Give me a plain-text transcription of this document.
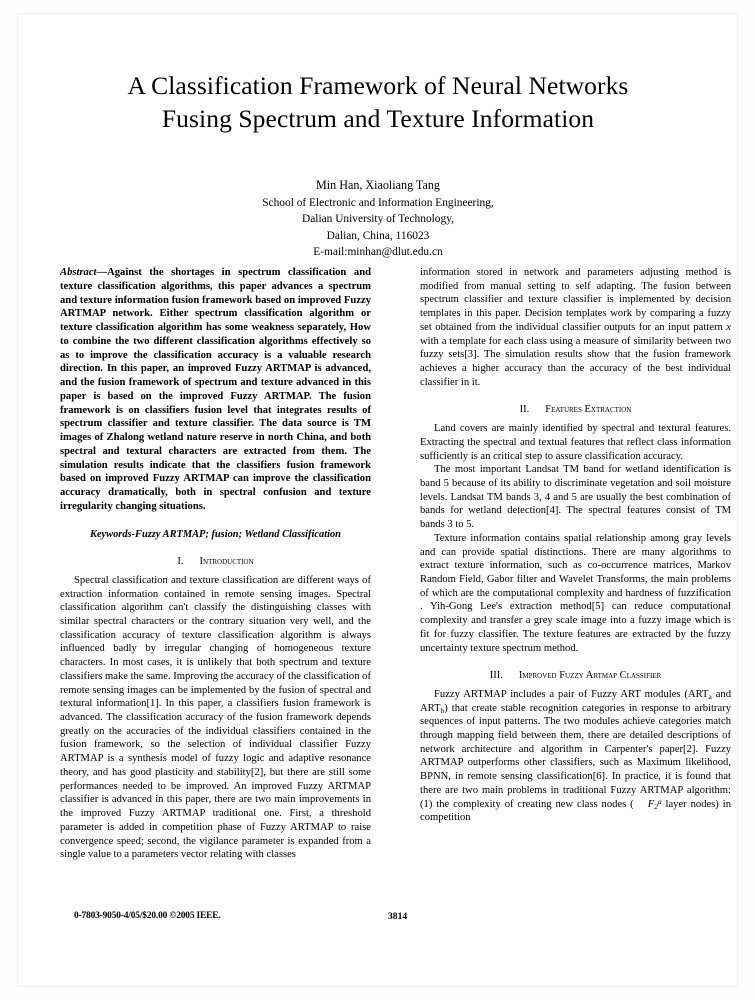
A Classification Framework of Neural Networks
Fusing Spectrum and Texture Information
Min Han, Xiaoliang Tang
School of Electronic and Information Engineering,
Dalian University of Technology,
Dalian, China, 116023
E-mail:minhan@dlut.edu.cn

Abstract—Against the shortages in spectrum classification and texture classification algorithms, this paper advances a spectrum and texture information fusion framework based on improved Fuzzy ARTMAP network. Either spectrum classification algorithm or texture classification algorithm has some weakness separately, How to combine the two different classification algorithms effectively so as to improve the classification accuracy is a valuable research direction. In this paper, an improved Fuzzy ARTMAP is advanced, and the fusion framework of spectrum and texture advanced in this paper is based on the improved Fuzzy ARTMAP. The fusion framework is on classifiers fusion level that integrates results of spectrum classifier and texture classifier. The data source is TM images of Zhalong wetland nature reserve in north China, and both spectral and textural characters are extracted from them. The simulation results indicate that the classifiers fusion framework based on improved Fuzzy ARTMAP can improve the classification accuracy dramatically, both in spectral confusion and texture irregularity changing situations.

Keywords-Fuzzy ARTMAP; fusion; Wetland Classification

I. Introduction

Spectral classification and texture classification are different ways of extraction information contained in remote sensing images. Spectral classification algorithm can't classify the distinguishing classes with similar spectral characters or the contrary situation very well, and the classification accuracy of texture classification algorithm is always influenced badly by irregular changing of homogeneous texture characters. In most cases, it is unlikely that both spectrum and texture classifiers make the same. Improving the accuracy of the classification of remote sensing images can be implemented by the fusion of spectral and textural information[1]. In this paper, a classifiers fusion framework is advanced. The classification accuracy of the fusion framework depends greatly on the accuracies of the individual classifiers contained in the fusion framework, so the selection of individual classifier Fuzzy ARTMAP is a synthesis model of fuzzy logic and adaptive resonance theory, and has good plasticity and stability[2], but there are still some performances needed to be improved. An improved Fuzzy ARTMAP classifier is advanced in this paper, there are two main improvements in the improved Fuzzy ARTMAP traditional one. First, a threshold parameter is added in competition phase of Fuzzy ARTMAP to raise convergence speed; second, the vigilance parameter is expanded from a single value to a parameters vector relating with classes

information stored in network and parameters adjusting method is modified from manual setting to self adapting. The fusion between spectrum classifier and texture classifier is implemented by decision templates in this paper. Decision templates work by comparing a fuzzy set obtained from the individual classifier outputs for an input pattern x with a template for each class using a measure of similarity between two fuzzy sets[3]. The simulation results show that the fusion framework achieves a higher accuracy than the accuracy of the best individual classifier in it.

II. Features Extraction

Land covers are mainly identified by spectral and textural features. Extracting the spectral and textual features that reflect class information sufficiently is an critical step to assure classification accuracy.

The most important Landsat TM band for wetland identification is band 5 because of its ability to discriminate vegetation and soil moisture levels. Landsat TM bands 3, 4 and 5 are usually the best combination of bands for wetland detection[4]. The spectral features consist of TM bands 3 to 5.

Texture information contains spatial relationship among gray levels and can provide spatial distinctions. There are many algorithms to extract texture information, such as co-occurrence matrices, Markov Random Field, Gabor filter and Wavelet Transforms, the main problems of which are the computational complexity and hardness of fuzzification . Yih-Gong Lee's extraction method[5] can reduce computational complexity and transfer a grey scale image into a fuzzy image which is fit for fuzzy classifier. The texture features are extracted by the fuzzy uncertainty texture spectrum method.

III. Improved Fuzzy Artmap Classifier

Fuzzy ARTMAP includes a pair of Fuzzy ART modules ($ART_a$ and $ART_b$) that create stable recognition categories in response to arbitrary sequences of input patterns. The two modules achieve categories match through mapping field between them, there are detailed descriptions of network architecture and algorithm in Carpenter's paper[2]. Fuzzy ARTMAP outperforms other classifiers, such as Maximum likelihood, BPNN, in remote sensing classification[6]. In practice, it is found that there are two main problems in traditional Fuzzy ARTMAP algorithm: (1) the complexity of creating new class nodes ( $F_2^a$ layer nodes) in competition

0-7803-9050-4/05/$20.00 ©2005 IEEE.	3814
